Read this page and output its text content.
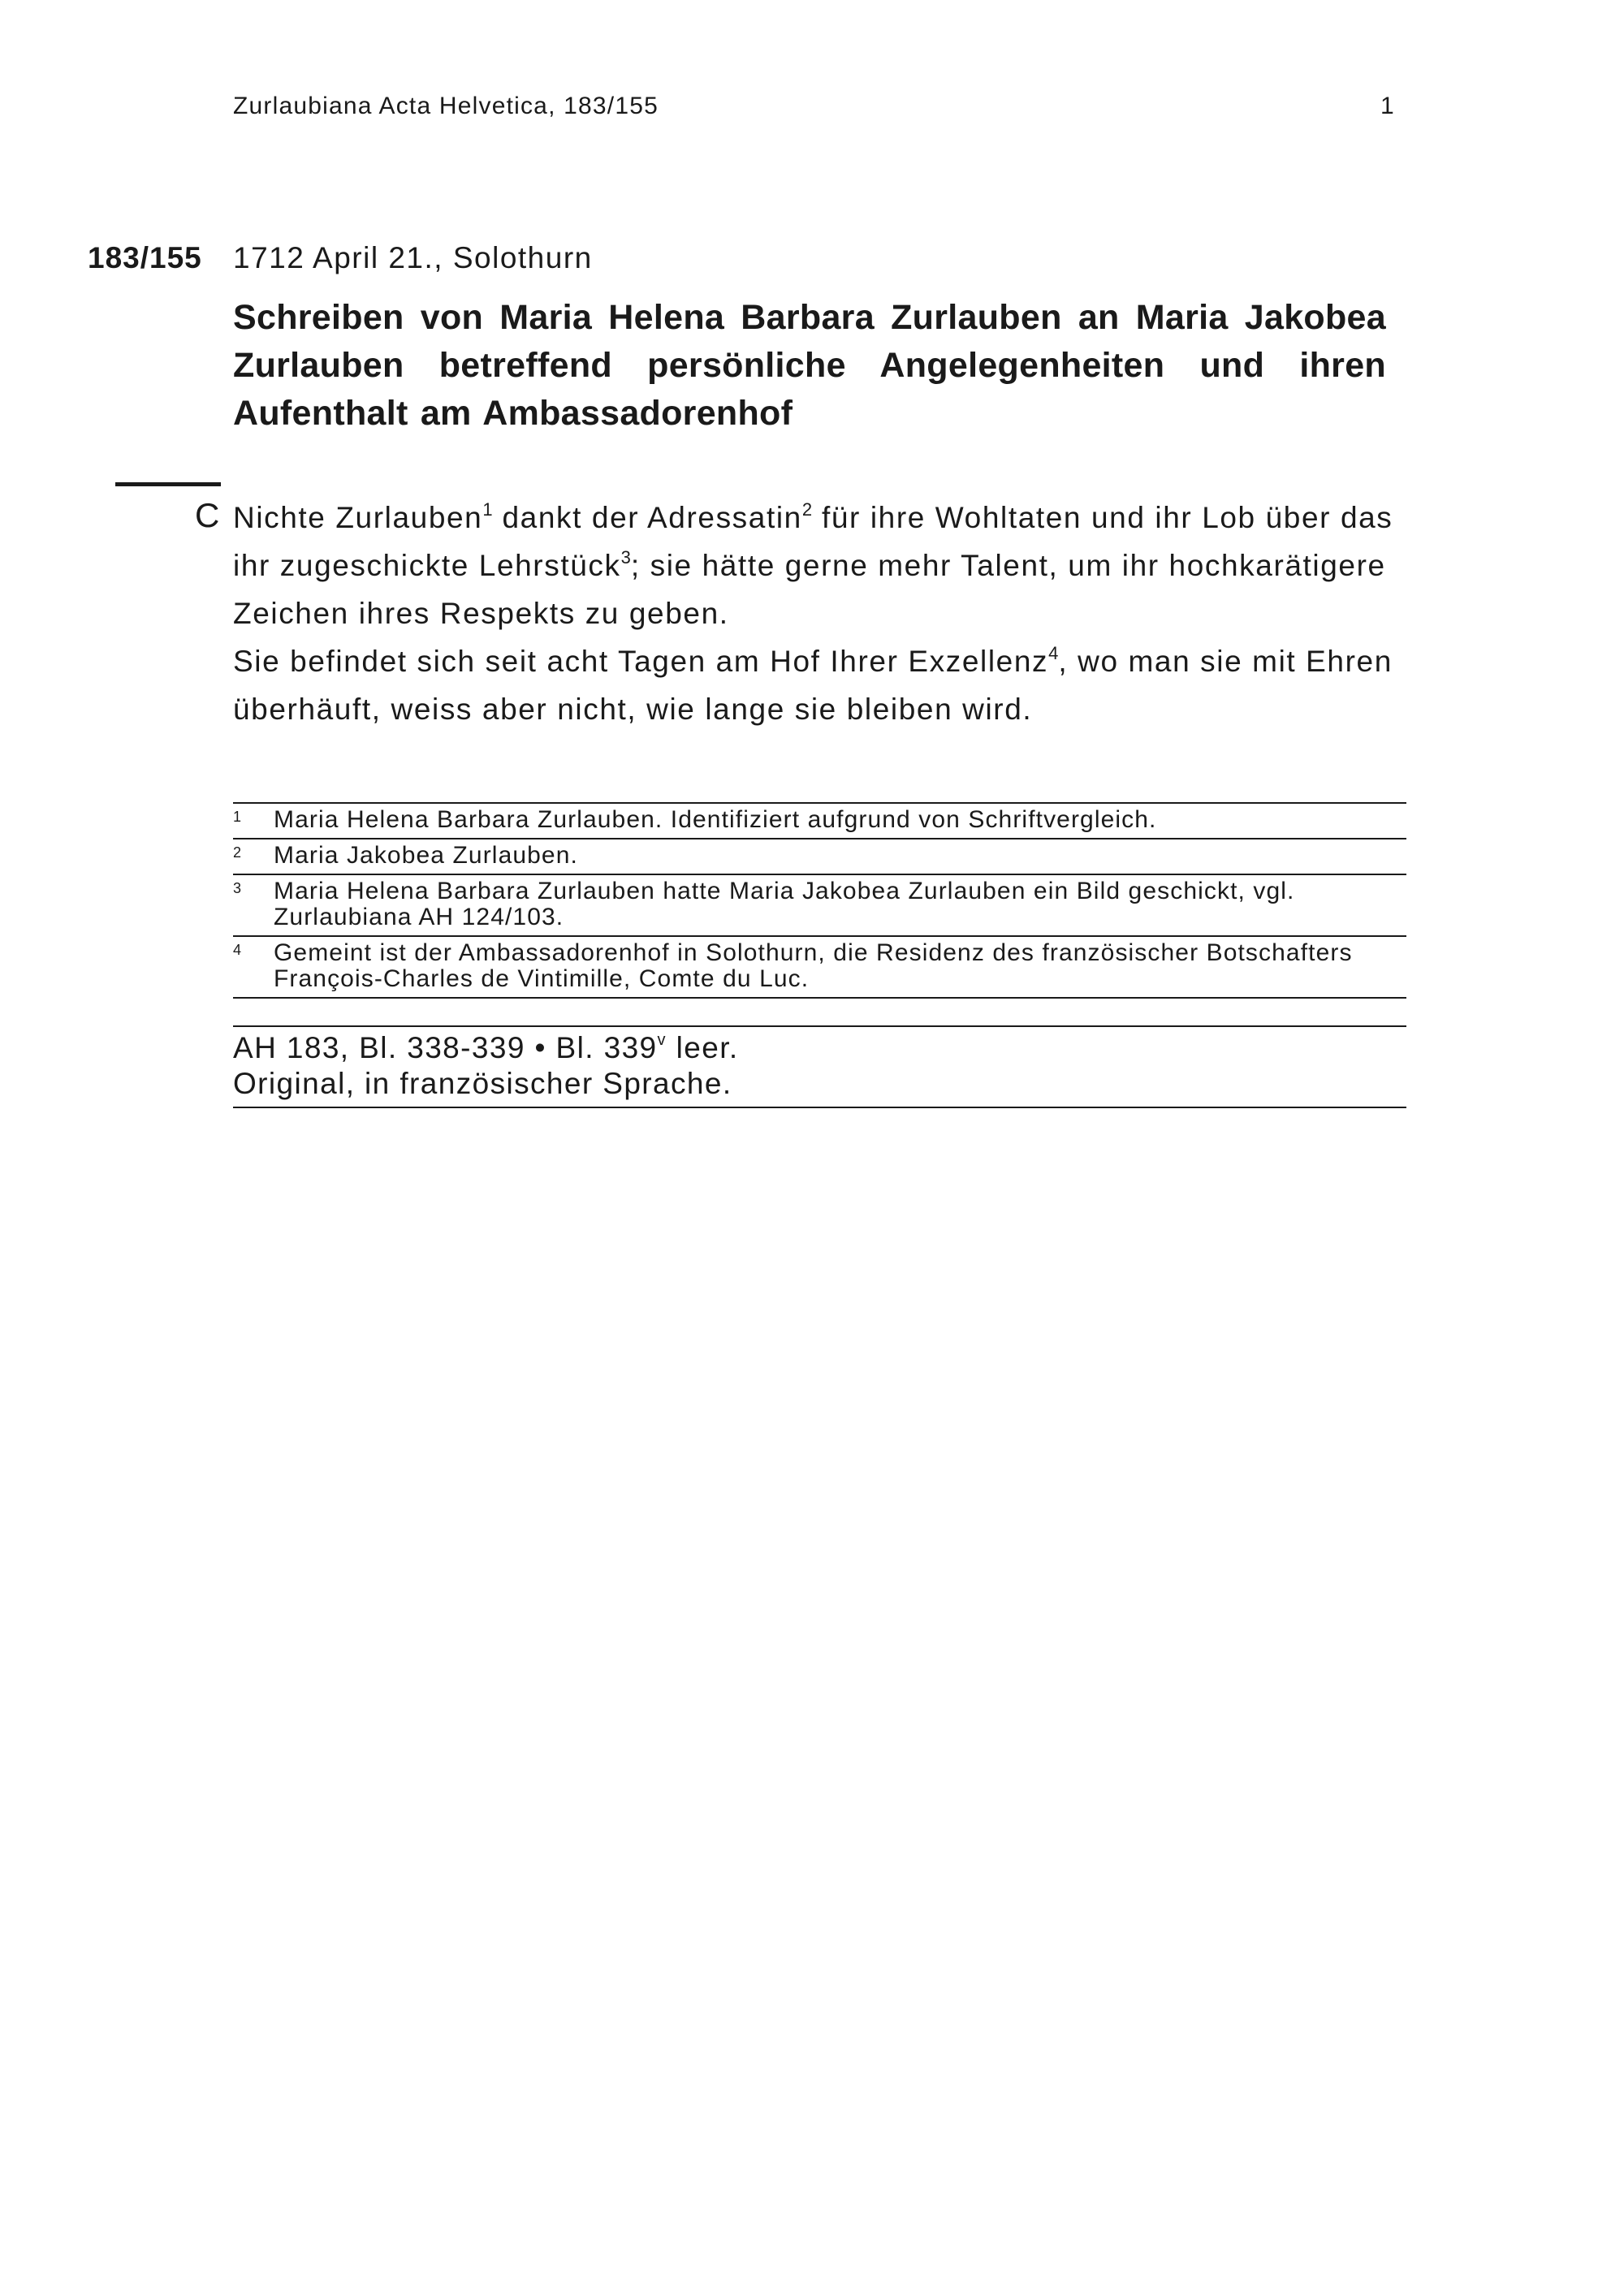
Zurlaubiana Acta Helvetica, 183/155	1
183/155 1712 April 21., Solothurn
Schreiben von Maria Helena Barbara Zurlauben an Maria Jakobea Zurlauben betreffend persönliche Angelegenheiten und ihren Aufenthalt am Ambassadorenhof
C Nichte Zurlauben$^1$ dankt der Adressatin$^2$ für ihre Wohltaten und ihr Lob über das ihr zugeschickte Lehrstück$^3$; sie hätte gerne mehr Talent, um ihr hochkarätigere Zeichen ihres Respekts zu geben.

Sie befindet sich seit acht Tagen am Hof Ihrer Exzellenz$^4$, wo man sie mit Ehren überhäuft, weiss aber nicht, wie lange sie bleiben wird.

1 Maria Helena Barbara Zurlauben. Identifiziert aufgrund von Schriftvergleich.
2 Maria Jakobea Zurlauben.
3 Maria Helena Barbara Zurlauben hatte Maria Jakobea Zurlauben ein Bild geschickt, vgl. Zurlaubiana AH 124/103.
4 Gemeint ist der Ambassadorenhof in Solothurn, die Residenz des französischer Botschafters François-Charles de Vintimille, Comte du Luc.

AH 183, Bl. 338-339 • Bl. 339$^v$ leer.

Original, in französischer Sprache.
